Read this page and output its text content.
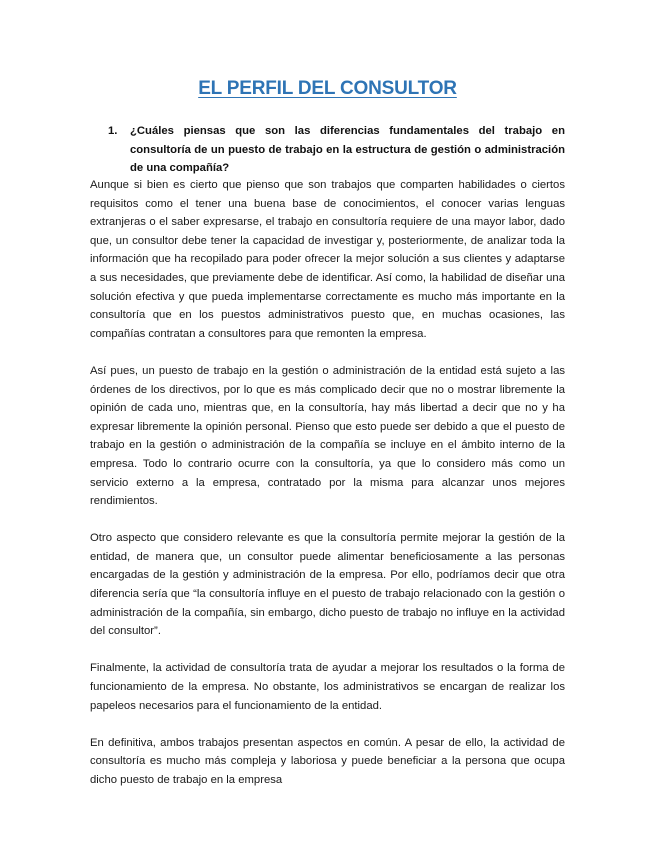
EL PERFIL DEL CONSULTOR
1. ¿Cuáles piensas que son las diferencias fundamentales del trabajo en consultoría de un puesto de trabajo en la estructura de gestión o administración de una compañía?

Aunque si bien es cierto que pienso que son trabajos que comparten habilidades o ciertos requisitos como el tener una buena base de conocimientos, el conocer varias lenguas extranjeras o el saber expresarse, el trabajo en consultoría requiere de una mayor labor, dado que, un consultor debe tener la capacidad de investigar y, posteriormente, de analizar toda la información que ha recopilado para poder ofrecer la mejor solución a sus clientes y adaptarse a sus necesidades, que previamente debe de identificar. Así como, la habilidad de diseñar una solución efectiva y que pueda implementarse correctamente es mucho más importante en la consultoría que en los puestos administrativos puesto que, en muchas ocasiones, las compañías contratan a consultores para que remonten la empresa.

Así pues, un puesto de trabajo en la gestión o administración de la entidad está sujeto a las órdenes de los directivos, por lo que es más complicado decir que no o mostrar libremente la opinión de cada uno, mientras que, en la consultoría, hay más libertad a decir que no y ha expresar libremente la opinión personal. Pienso que esto puede ser debido a que el puesto de trabajo en la gestión o administración de la compañía se incluye en el ámbito interno de la empresa. Todo lo contrario ocurre con la consultoría, ya que lo considero más como un servicio externo a la empresa, contratado por la misma para alcanzar unos mejores rendimientos.

Otro aspecto que considero relevante es que la consultoría permite mejorar la gestión de la entidad, de manera que, un consultor puede alimentar beneficiosamente a las personas encargadas de la gestión y administración de la empresa. Por ello, podríamos decir que otra diferencia sería que “la consultoría influye en el puesto de trabajo relacionado con la gestión o administración de la compañía, sin embargo, dicho puesto de trabajo no influye en la actividad del consultor”.

Finalmente, la actividad de consultoría trata de ayudar a mejorar los resultados o la forma de funcionamiento de la empresa. No obstante, los administrativos se encargan de realizar los papeleos necesarios para el funcionamiento de la entidad.

En definitiva, ambos trabajos presentan aspectos en común. A pesar de ello, la actividad de consultoría es mucho más compleja y laboriosa y puede beneficiar a la persona que ocupa dicho puesto de trabajo en la empresa
